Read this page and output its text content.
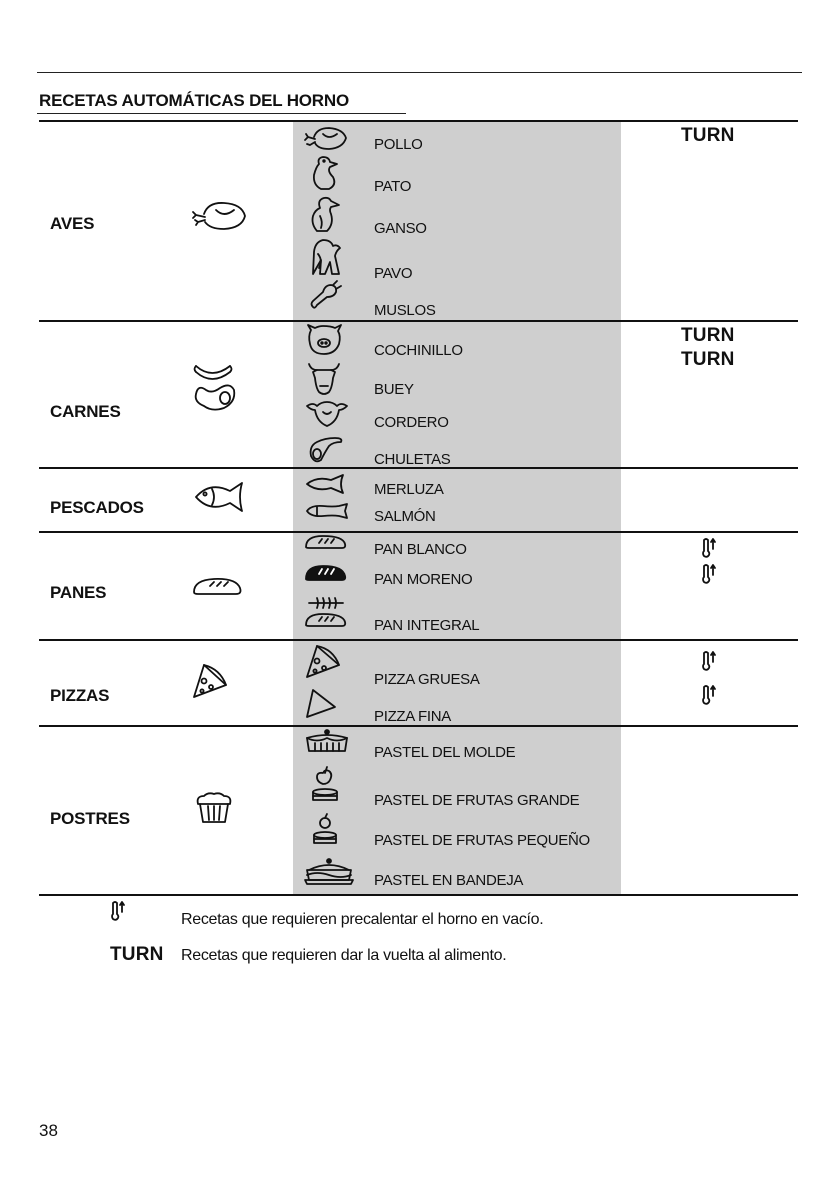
RECETAS AUTOMÁTICAS DEL HORNO
AVES
POLLO
PATO
GANSO
PAVO
MUSLOS
TURN
CARNES
COCHINILLO
BUEY
CORDERO
CHULETAS
TURN
TURN
PESCADOS
MERLUZA
SALMÓN
PANES
PAN BLANCO
PAN MORENO
PAN INTEGRAL
PIZZAS
PIZZA GRUESA
PIZZA FINA
POSTRES
PASTEL DEL MOLDE
PASTEL DE FRUTAS GRANDE
PASTEL DE FRUTAS PEQUEÑO
PASTEL EN BANDEJA
Recetas que requieren precalentar el horno en vacío.
TURN Recetas que requieren dar la vuelta al alimento.
38
